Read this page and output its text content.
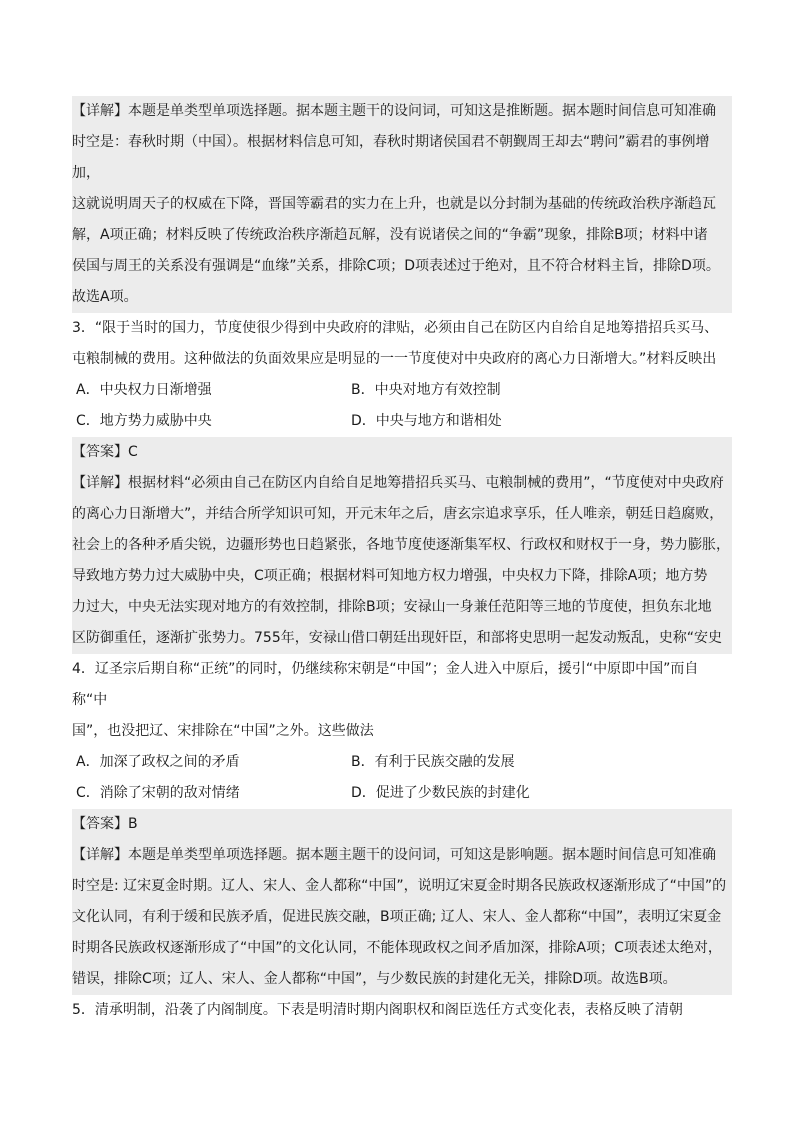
【详解】本题是单类型单项选择题。据本题主题干的设问词，可知这是推断题。据本题时间信息可知准确
时空是：春秋时期（中国）。根据材料信息可知，春秋时期诸侯国君不朝觐周王却去“聘问”霸君的事例增加，
这就说明周天子的权威在下降，晋国等霸君的实力在上升，也就是以分封制为基础的传统政治秩序渐趋瓦
解，A项正确；材料反映了传统政治秩序渐趋瓦解，没有说诸侯之间的“争霸”现象，排除B项；材料中诸
侯国与周王的关系没有强调是“血缘”关系，排除C项；D项表述过于绝对，且不符合材料主旨，排除D项。
故选A项。
3．“限于当时的国力，节度使很少得到中央政府的津贴，必须由自己在防区内自给自足地筹措招兵买马、
屯粮制械的费用。这种做法的负面效果应是明显的一一节度使对中央政府的离心力日渐增大。”材料反映出
A．中央权力日渐增强	B．中央对地方有效控制
C．地方势力威胁中央	D．中央与地方和谐相处
【答案】C
【详解】根据材料“必须由自己在防区内自给自足地筹措招兵买马、屯粮制械的费用”，“节度使对中央政府
的离心力日渐增大”，并结合所学知识可知，开元末年之后，唐玄宗追求享乐，任人唯亲，朝廷日趋腐败，
社会上的各种矛盾尖锐，边疆形势也日趋紧张，各地节度使逐渐集军权、行政权和财权于一身，势力膨胀，
导致地方势力过大威胁中央，C项正确；根据材料可知地方权力增强，中央权力下降，排除A项；地方势
力过大，中央无法实现对地方的有效控制，排除B项；安禄山一身兼任范阳等三地的节度使，担负东北地
区防御重任，逐渐扩张势力。755年，安禄山借口朝廷出现奸臣，和部将史思明一起发动叛乱，史称“安史
4．辽圣宗后期自称“正统”的同时，仍继续称宋朝是“中国”；金人进入中原后，援引“中原即中国”而自称“中
国”，也没把辽、宋排除在“中国”之外。这些做法
A．加深了政权之间的矛盾	B．有利于民族交融的发展
C．消除了宋朝的敌对情绪	D．促进了少数民族的封建化
【答案】B
【详解】本题是单类型单项选择题。据本题主题干的设问词，可知这是影响题。据本题时间信息可知准确
时空是: 辽宋夏金时期。辽人、宋人、金人都称“中国”，说明辽宋夏金时期各民族政权逐渐形成了“中国”的
文化认同，有利于缓和民族矛盾，促进民族交融，B项正确; 辽人、宋人、金人都称“中国”，表明辽宋夏金
时期各民族政权逐渐形成了“中国”的文化认同，不能体现政权之间矛盾加深，排除A项；C项表述太绝对，
错误，排除C项；辽人、宋人、金人都称“中国”，与少数民族的封建化无关，排除D项。故选B项。
5．清承明制，沿袭了内阁制度。下表是明清时期内阁职权和阁臣选任方式变化表，表格反映了清朝
